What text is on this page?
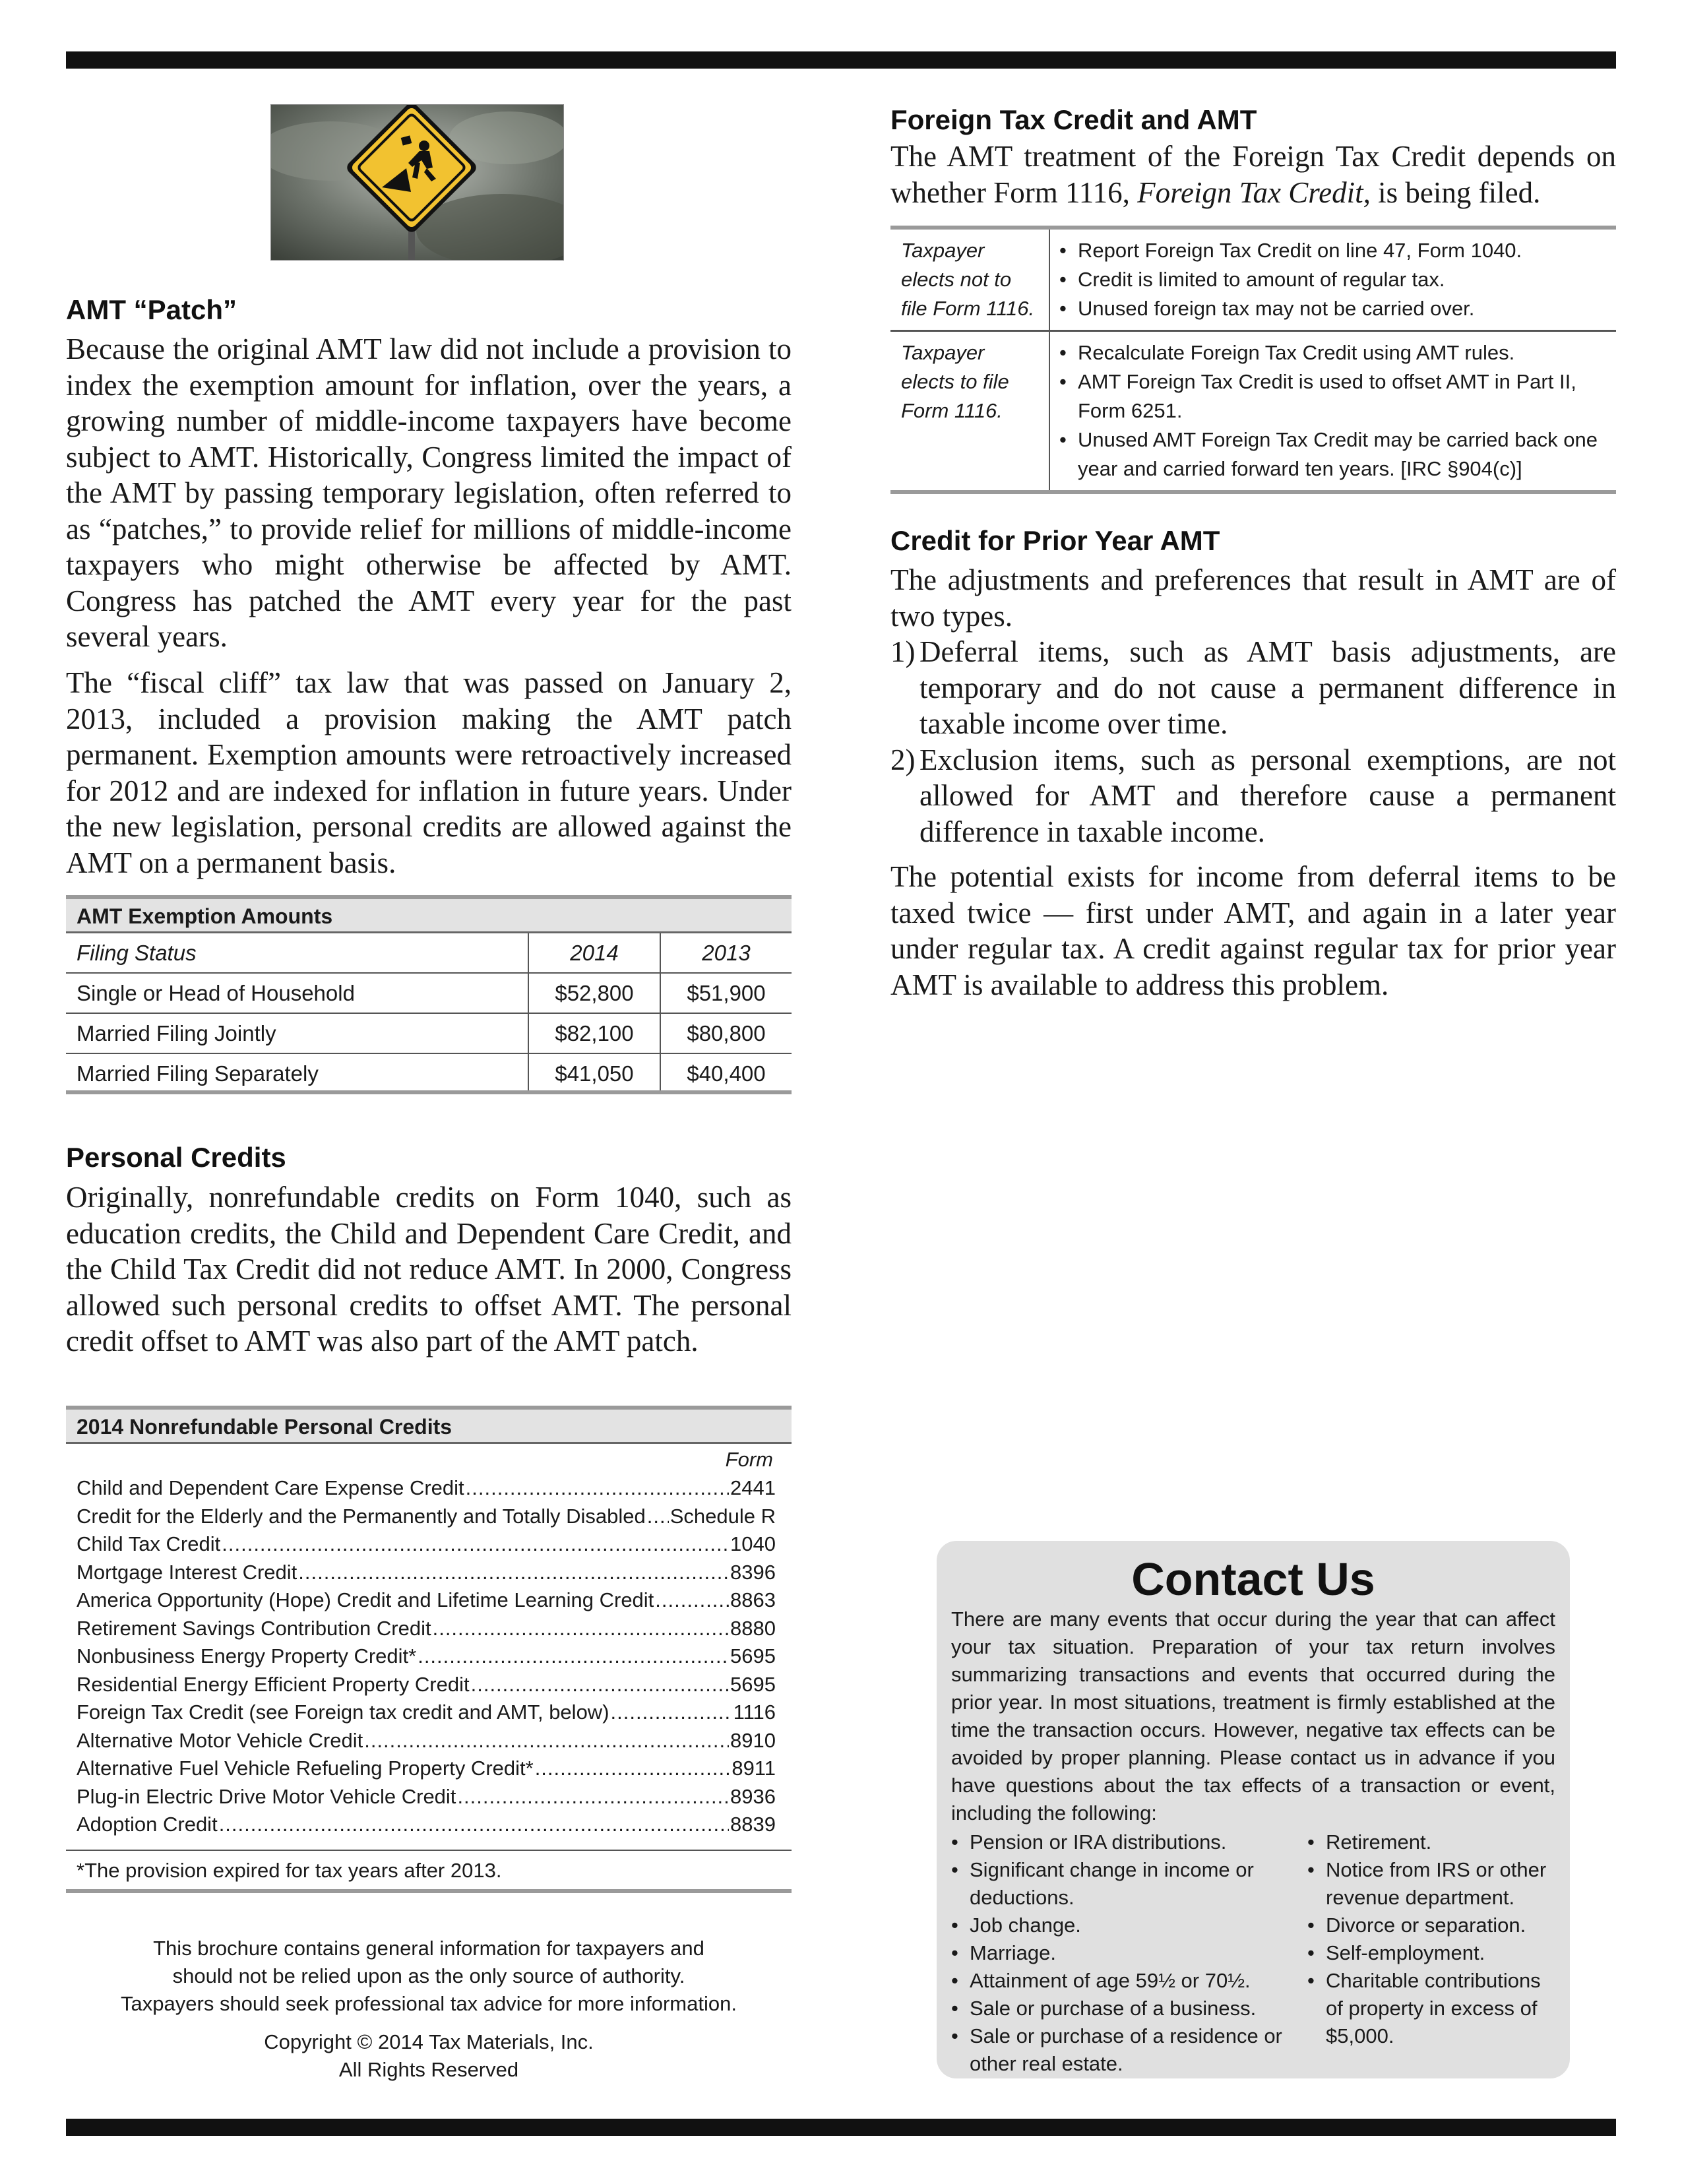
AMT “Patch”
Because the original AMT law did not include a provision to index the exemption amount for inflation, over the years, a growing number of middle-income taxpayers have become subject to AMT. Historically, Congress limited the impact of the AMT by passing temporary legislation, often referred to as “patches,” to provide relief for millions of middle-income taxpayers who might otherwise be affected by AMT. Congress has patched the AMT every year for the past several years.
The “fiscal cliff” tax law that was passed on January 2, 2013, included a provision making the AMT patch permanent. Exemption amounts were retroactively increased for 2012 and are indexed for inflation in future years. Under the new legislation, personal credits are allowed against the AMT on a permanent basis.
AMT Exemption Amounts
Filing Status	2014	2013
Single or Head of Household	$52,800	$51,900
Married Filing Jointly	$82,100	$80,800
Married Filing Separately	$41,050	$40,400
Personal Credits
Originally, nonrefundable credits on Form 1040, such as education credits, the Child and Dependent Care Credit, and the Child Tax Credit did not reduce AMT. In 2000, Congress allowed such personal credits to offset AMT. The personal credit offset to AMT was also part of the AMT patch.
2014 Nonrefundable Personal Credits
Form
Child and Dependent Care Expense Credit .....	2441
Credit for the Elderly and the Permanently and Totally Disabled ..... Schedule R
Child Tax Credit .....	1040
Mortgage Interest Credit .....	8396
America Opportunity (Hope) Credit and Lifetime Learning Credit .....	8863
Retirement Savings Contribution Credit .....	8880
Nonbusiness Energy Property Credit* .....	5695
Residential Energy Efficient Property Credit .....	5695
Foreign Tax Credit (see Foreign tax credit and AMT, below) .....	1116
Alternative Motor Vehicle Credit .....	8910
Alternative Fuel Vehicle Refueling Property Credit* .....	8911
Plug-in Electric Drive Motor Vehicle Credit .....	8936
Adoption Credit .....	8839
*The provision expired for tax years after 2013.
This brochure contains general information for taxpayers and
should not be relied upon as the only source of authority.
Taxpayers should seek professional tax advice for more information.
Copyright © 2014 Tax Materials, Inc.
All Rights Reserved
Foreign Tax Credit and AMT
The AMT treatment of the Foreign Tax Credit depends on whether Form 1116, Foreign Tax Credit, is being filed.
Taxpayer elects not to file Form 1116.
• Report Foreign Tax Credit on line 47, Form 1040.
• Credit is limited to amount of regular tax.
• Unused foreign tax may not be carried over.
Taxpayer elects to file Form 1116.
• Recalculate Foreign Tax Credit using AMT rules.
• AMT Foreign Tax Credit is used to offset AMT in Part II, Form 6251.
• Unused AMT Foreign Tax Credit may be carried back one year and carried forward ten years. [IRC §904(c)]
Credit for Prior Year AMT
The adjustments and preferences that result in AMT are of two types.
1) Deferral items, such as AMT basis adjustments, are temporary and do not cause a permanent difference in taxable income over time.
2) Exclusion items, such as personal exemptions, are not allowed for AMT and therefore cause a permanent difference in taxable income.
The potential exists for income from deferral items to be taxed twice — first under AMT, and again in a later year under regular tax. A credit against regular tax for prior year AMT is available to address this problem.
Contact Us
There are many events that occur during the year that can affect your tax situation. Preparation of your tax return involves summarizing transactions and events that occurred during the prior year. In most situations, treatment is firmly established at the time the transaction occurs. However, negative tax effects can be avoided by proper planning. Please contact us in advance if you have questions about the tax effects of a transaction or event, including the following:
• Pension or IRA distributions.
• Significant change in income or deductions.
• Job change.
• Marriage.
• Attainment of age 59½ or 70½.
• Sale or purchase of a business.
• Sale or purchase of a residence or other real estate.
• Retirement.
• Notice from IRS or other revenue department.
• Divorce or separation.
• Self-employment.
• Charitable contributions of property in excess of $5,000.
